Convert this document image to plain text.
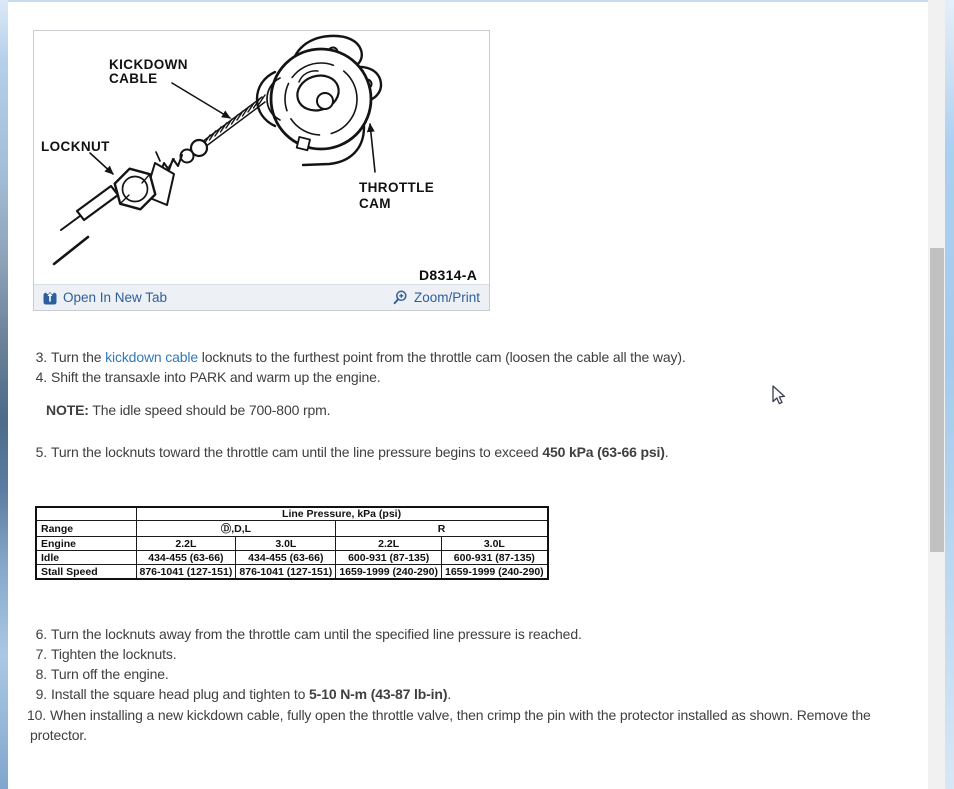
KICKDOWN
CABLE
LOCKNUT
THROTTLE
CAM
D8314-A
Open In New Tab	Zoom/Print
3. Turn the kickdown cable locknuts to the furthest point from the throttle cam (loosen the cable all the way).
4. Shift the transaxle into PARK and warm up the engine.
NOTE: The idle speed should be 700-800 rpm.
5. Turn the locknuts toward the throttle cam until the line pressure begins to exceed 450 kPa (63-66 psi).
	Line Pressure, kPa (psi)			
Range	Ⓓ,D,L		R	
Engine	2.2L	3.0L	2.2L	3.0L
Idle	434-455 (63-66)	434-455 (63-66)	600-931 (87-135)	600-931 (87-135)
Stall Speed	876-1041 (127-151)	876-1041 (127-151)	1659-1999 (240-290)	1659-1999 (240-290)
6. Turn the locknuts away from the throttle cam until the specified line pressure is reached.
7. Tighten the locknuts.
8. Turn off the engine.
9. Install the square head plug and tighten to 5-10 N-m (43-87 lb-in).
10. When installing a new kickdown cable, fully open the throttle valve, then crimp the pin with the protector installed as shown. Remove the
protector.
